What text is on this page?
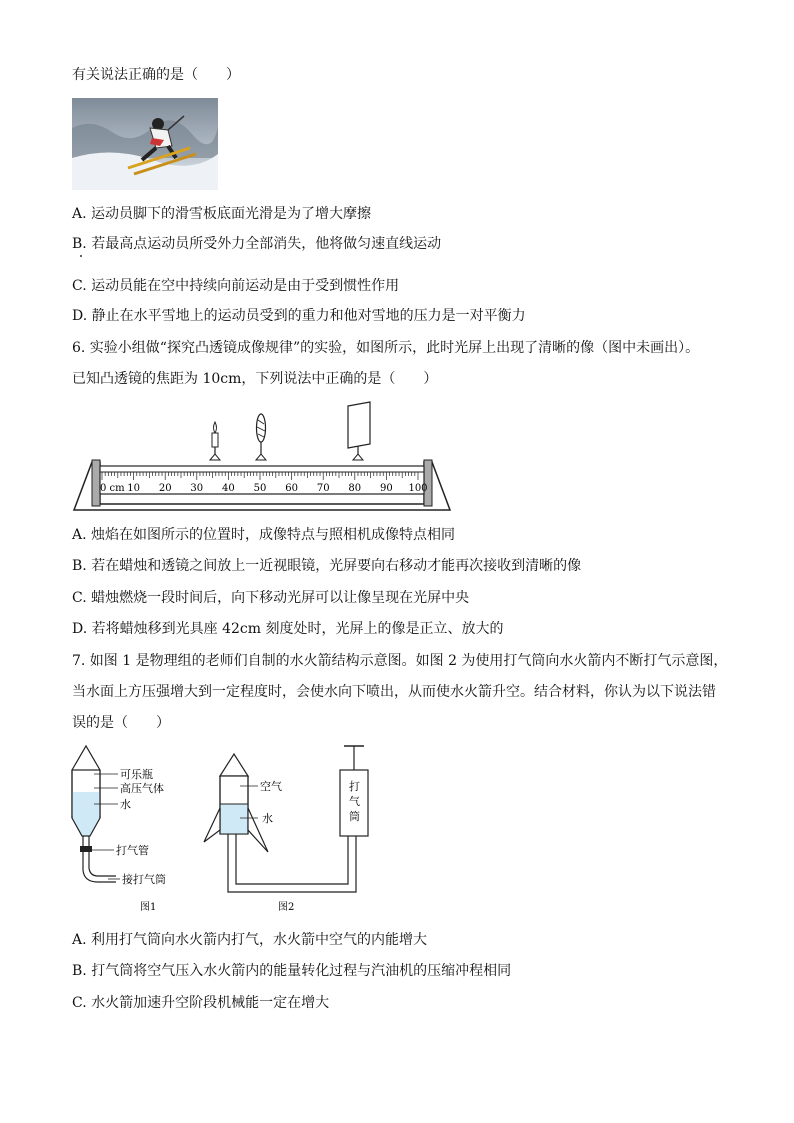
有关说法正确的是（　　）
A. 运动员脚下的滑雪板底面光滑是为了增大摩擦
B. 若最高点运动员所受外力全部消失，他将做匀速直线运动
C. 运动员能在空中持续向前运动是由于受到惯性作用
D. 静止在水平雪地上的运动员受到的重力和他对雪地的压力是一对平衡力
6. 实验小组做“探究凸透镜成像规律”的实验，如图所示，此时光屏上出现了清晰的像（图中未画出）。
已知凸透镜的焦距为 10cm，下列说法中正确的是（　　）
0 cm 10 20 30 40 50 60 70 80 90 100
A. 烛焰在如图所示的位置时，成像特点与照相机成像特点相同
B. 若在蜡烛和透镜之间放上一近视眼镜，光屏要向右移动才能再次接收到清晰的像
C. 蜡烛燃烧一段时间后，向下移动光屏可以让像呈现在光屏中央
D. 若将蜡烛移到光具座 42cm 刻度处时，光屏上的像是正立、放大的
7. 如图 1 是物理组的老师们自制的水火箭结构示意图。如图 2 为使用打气筒向水火箭内不断打气示意图，
当水面上方压强增大到一定程度时，会使水向下喷出，从而使水火箭升空。结合材料，你认为以下说法错
误的是（　　）
可乐瓶
高压气体
水
打气管
接打气筒
图1
空气
水
打
气
筒
图2
A. 利用打气筒向水火箭内打气，水火箭中空气的内能增大
B. 打气筒将空气压入水火箭内的能量转化过程与汽油机的压缩冲程相同
C. 水火箭加速升空阶段机械能一定在增大
